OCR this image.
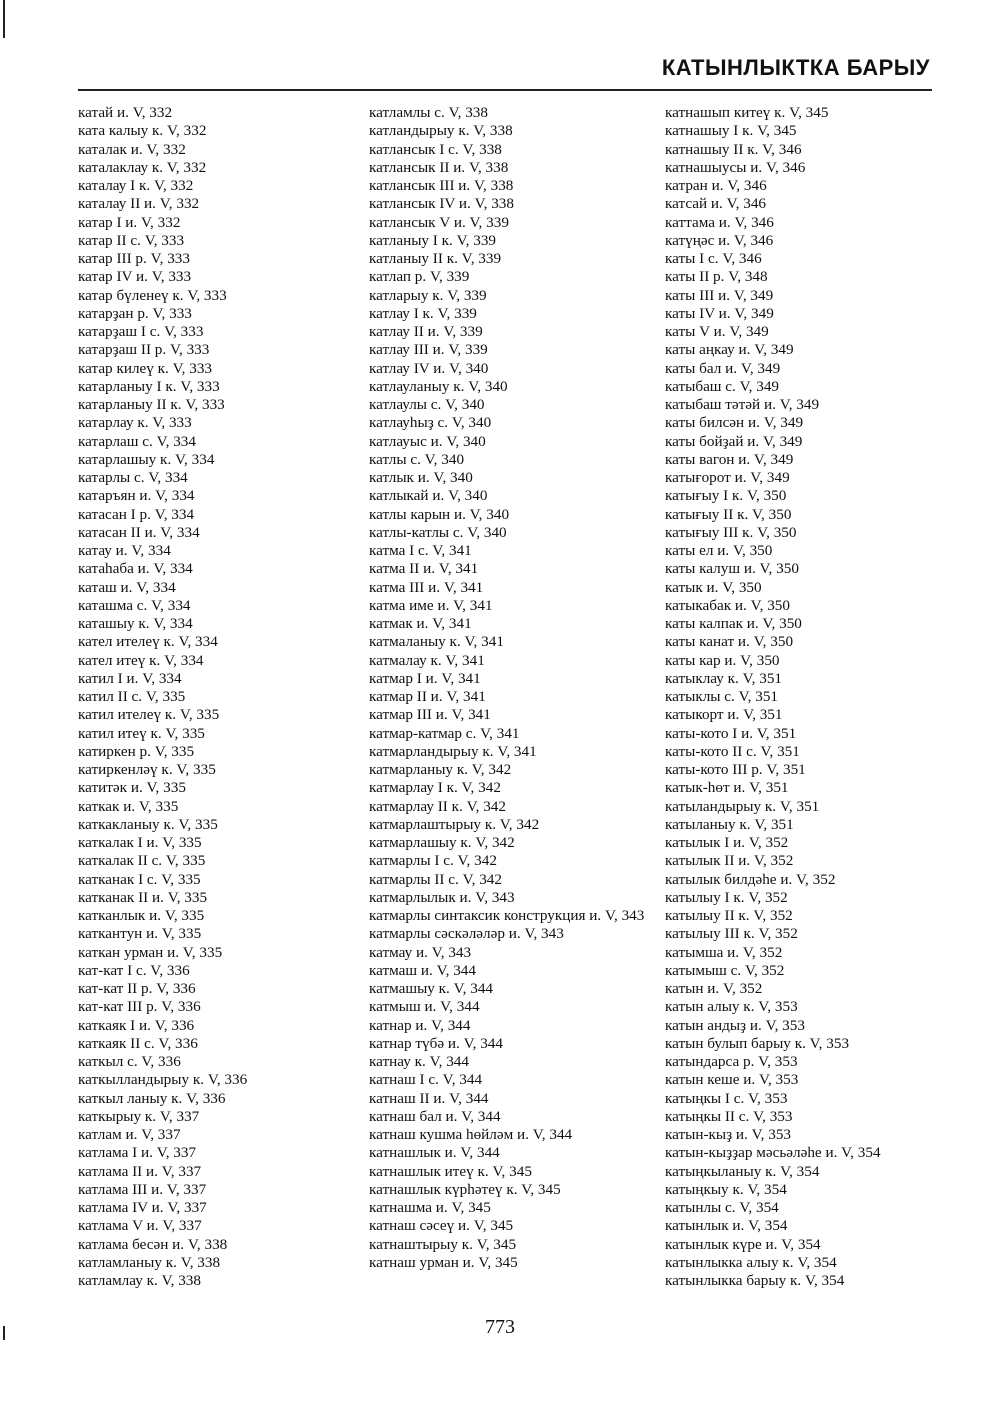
КАТЫНЛЫКТКА БАРЫУ
катай и. V, 332
ката калыу к. V, 332
каталак и. V, 332
каталаклау к. V, 332
каталау I к. V, 332
каталау II и. V, 332
катар I и. V, 332
катар II с. V, 333
катар III р. V, 333
катар IV и. V, 333
катар бүленеү к. V, 333
катарҙан р. V, 333
катарҙаш I с. V, 333
катарҙаш II р. V, 333
катар килеү к. V, 333
катарланыу I к. V, 333
катарланыу II к. V, 333
катарлау к. V, 333
катарлаш с. V, 334
катарлашыу к. V, 334
катарлы с. V, 334
катаръян и. V, 334
катасан I р. V, 334
катасан II и. V, 334
катау и. V, 334
катаһаба и. V, 334
каташ и. V, 334
каташма с. V, 334
каташыу к. V, 334
кател ителеү к. V, 334
кател итеү к. V, 334
катил I и. V, 334
катил II с. V, 335
катил ителеү к. V, 335
катил итеү к. V, 335
катиркен р. V, 335
катиркенләү к. V, 335
катитәк и. V, 335
каткак и. V, 335
каткакланыу к. V, 335
каткалак I и. V, 335
каткалак II с. V, 335
катканак I с. V, 335
катканак II и. V, 335
катканлык и. V, 335
каткантун и. V, 335
каткан урман и. V, 335
кат-кат I с. V, 336
кат-кат II р. V, 336
кат-кат III р. V, 336
каткаяк I и. V, 336
каткаяк II с. V, 336
каткыл с. V, 336
каткылландырыу к. V, 336
каткыл ланыу к. V, 336
каткырыу к. V, 337
катлам и. V, 337
катлама I и. V, 337
катлама II и. V, 337
катлама III и. V, 337
катлама IV и. V, 337
катлама V и. V, 337
катлама бесән и. V, 338
катламланыу к. V, 338
катламлау к. V, 338
катламлы с. V, 338
катландырыу к. V, 338
катлансык I с. V, 338
катлансык II и. V, 338
катлансык III и. V, 338
катлансык IV и. V, 338
катлансык V и. V, 339
катланыу I к. V, 339
катланыу II к. V, 339
катлап р. V, 339
катларыу к. V, 339
катлау I к. V, 339
катлау II и. V, 339
катлау III и. V, 339
катлау IV и. V, 340
катлауланыу к. V, 340
катлаулы с. V, 340
катлауһыҙ с. V, 340
катлауыс и. V, 340
катлы с. V, 340
катлык и. V, 340
катлыкай и. V, 340
катлы карын и. V, 340
катлы-катлы с. V, 340
катма I с. V, 341
катма II и. V, 341
катма III и. V, 341
катма име и. V, 341
катмак и. V, 341
катмаланыу к. V, 341
катмалау к. V, 341
катмар I и. V, 341
катмар II и. V, 341
катмар III и. V, 341
катмар-катмар с. V, 341
катмарландырыу к. V, 341
катмарланыу к. V, 342
катмарлау I к. V, 342
катмарлау II к. V, 342
катмарлаштырыу к. V, 342
катмарлашыу к. V, 342
катмарлы I с. V, 342
катмарлы II с. V, 342
катмарлылык и. V, 343
катмарлы синтаксик конструкция и. V, 343
катмарлы сәскәләләр и. V, 343
катмау и. V, 343
катмаш и. V, 344
катмашыу к. V, 344
катмыш и. V, 344
катнар и. V, 344
катнар түбә и. V, 344
катнау к. V, 344
катнаш I с. V, 344
катнаш II и. V, 344
катнаш бал и. V, 344
катнаш кушма һөйләм и. V, 344
катнашлык и. V, 344
катнашлык итеү к. V, 345
катнашлык күрһәтеү к. V, 345
катнашма и. V, 345
катнаш сәсеү и. V, 345
катнаштырыу к. V, 345
катнаш урман и. V, 345
катнашып китеү к. V, 345
катнашыу I к. V, 345
катнашыу II к. V, 346
катнашыусы и. V, 346
катран и. V, 346
катсай и. V, 346
каттама и. V, 346
катүңәс и. V, 346
каты I с. V, 346
каты II р. V, 348
каты III и. V, 349
каты IV и. V, 349
каты V и. V, 349
каты аңкау и. V, 349
каты бал и. V, 349
катыбаш с. V, 349
катыбаш тәтәй и. V, 349
каты билсән и. V, 349
каты бойҙай и. V, 349
каты вагон и. V, 349
катығорот и. V, 349
катығыу I к. V, 350
катығыу II к. V, 350
катығыу III к. V, 350
каты ел и. V, 350
каты калуш и. V, 350
катык и. V, 350
катыкабак и. V, 350
каты калпак и. V, 350
каты канат и. V, 350
каты кар и. V, 350
катыклау к. V, 351
катыклы с. V, 351
катыкорт и. V, 351
каты-кото I и. V, 351
каты-кото II с. V, 351
каты-кото III р. V, 351
катык-һөт и. V, 351
катыландырыу к. V, 351
катыланыу к. V, 351
катылык I и. V, 352
катылык II и. V, 352
катылык билдәһе и. V, 352
катылыу I к. V, 352
катылыу II к. V, 352
катылыу III к. V, 352
катымша и. V, 352
катымыш с. V, 352
катын и. V, 352
катын алыу к. V, 353
катын андыҙ и. V, 353
катын булып барыу к. V, 353
катындарса р. V, 353
катын кеше и. V, 353
катыңкы I с. V, 353
катыңкы II с. V, 353
катын-кыҙ и. V, 353
катын-кыҙҙар мәсьәләһе и. V, 354
катыңкыланыу к. V, 354
катыңкыу к. V, 354
катынлы с. V, 354
катынлык и. V, 354
катынлык күре и. V, 354
катынлыкка алыу к. V, 354
катынлыкка барыу к. V, 354
773
